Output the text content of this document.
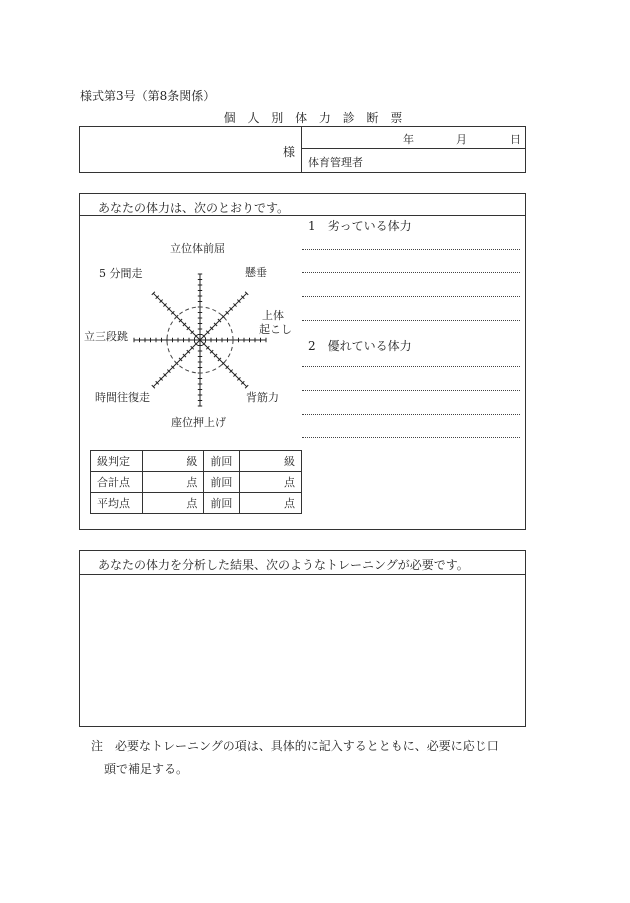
様式第3号（第8条関係）
個 人 別 体 力 診 断 票
様
年	月	日
体育管理者
あなたの体力は、次のとおりです。
立位体前屈
懸垂
5 分間走
上体
起こし
立三段跳
時間往復走	背筋力
座位押上げ
1　劣っている体力
2　優れている体力
級判定	級	前回	級
合計点	点	前回	点
平均点	点	前回	点
あなたの体力を分析した結果、次のようなトレーニングが必要です。
注　必要なトレーニングの項は、具体的に記入するとともに、必要に応じ口
頭で補足する。
